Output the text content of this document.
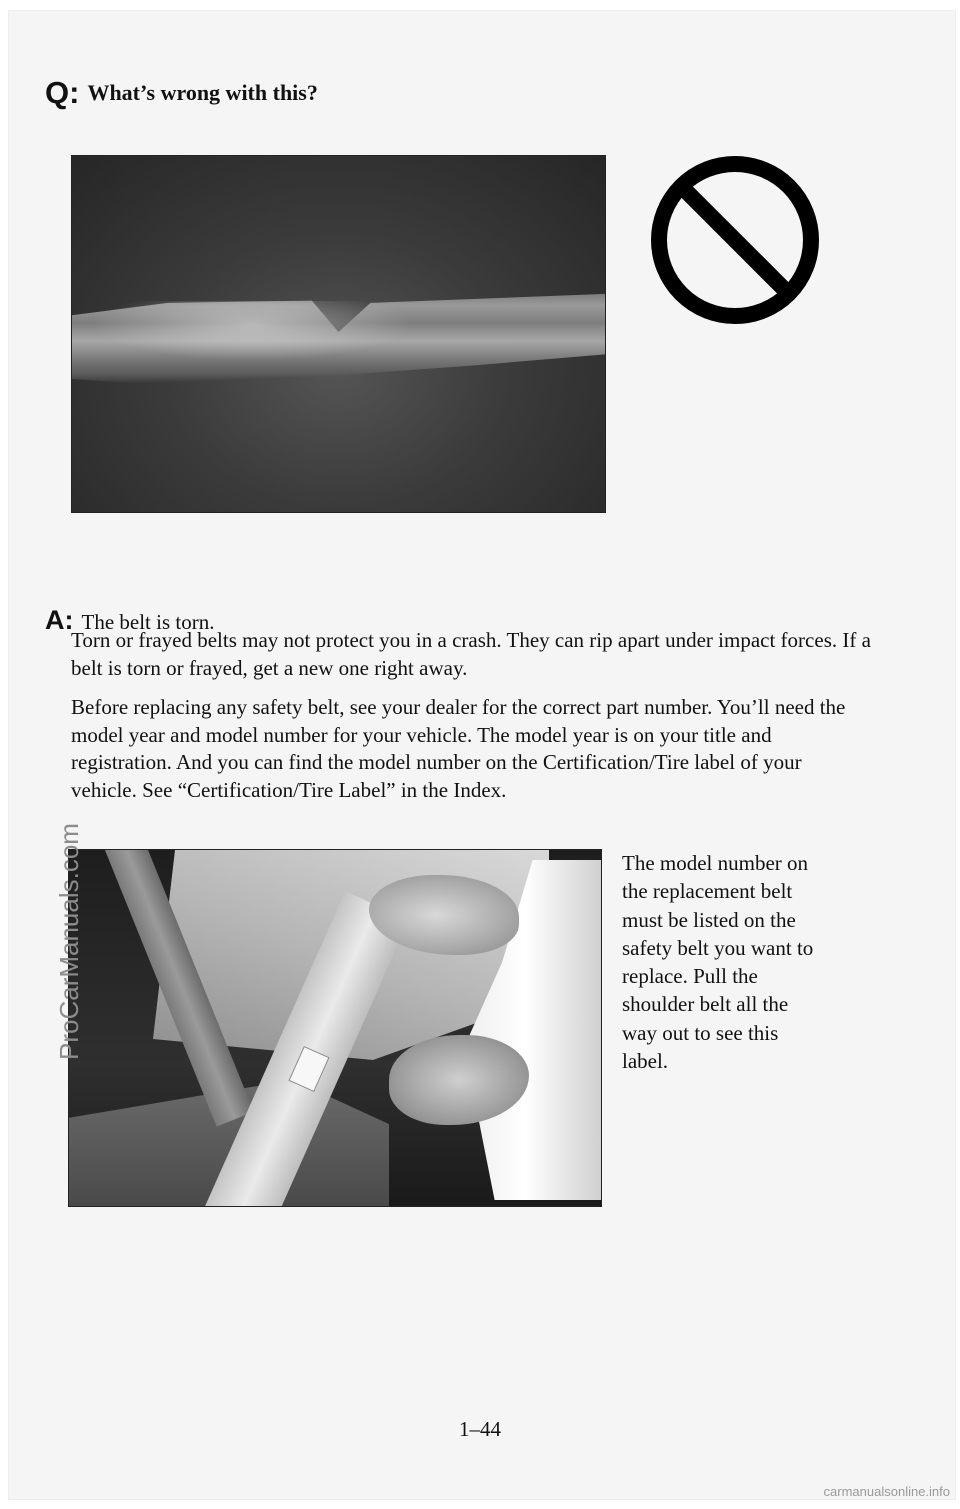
Q: What’s wrong with this?
A: The belt is torn.

Torn or frayed belts may not protect you in a crash. They can rip apart under impact forces. If a belt is torn or frayed, get a new one right away.

Before replacing any safety belt, see your dealer for the correct part number. You’ll need the model year and model number for your vehicle. The model year is on your title and registration. And you can find the model number on the Certification/Tire label of your vehicle. See “Certification/Tire Label” in the Index.

The model number on
the replacement belt
must be listed on the
safety belt you want to
replace. Pull the
shoulder belt all the
way out to see this
label.
1–44
ProCarManuals.com
carmanualsonline.info
